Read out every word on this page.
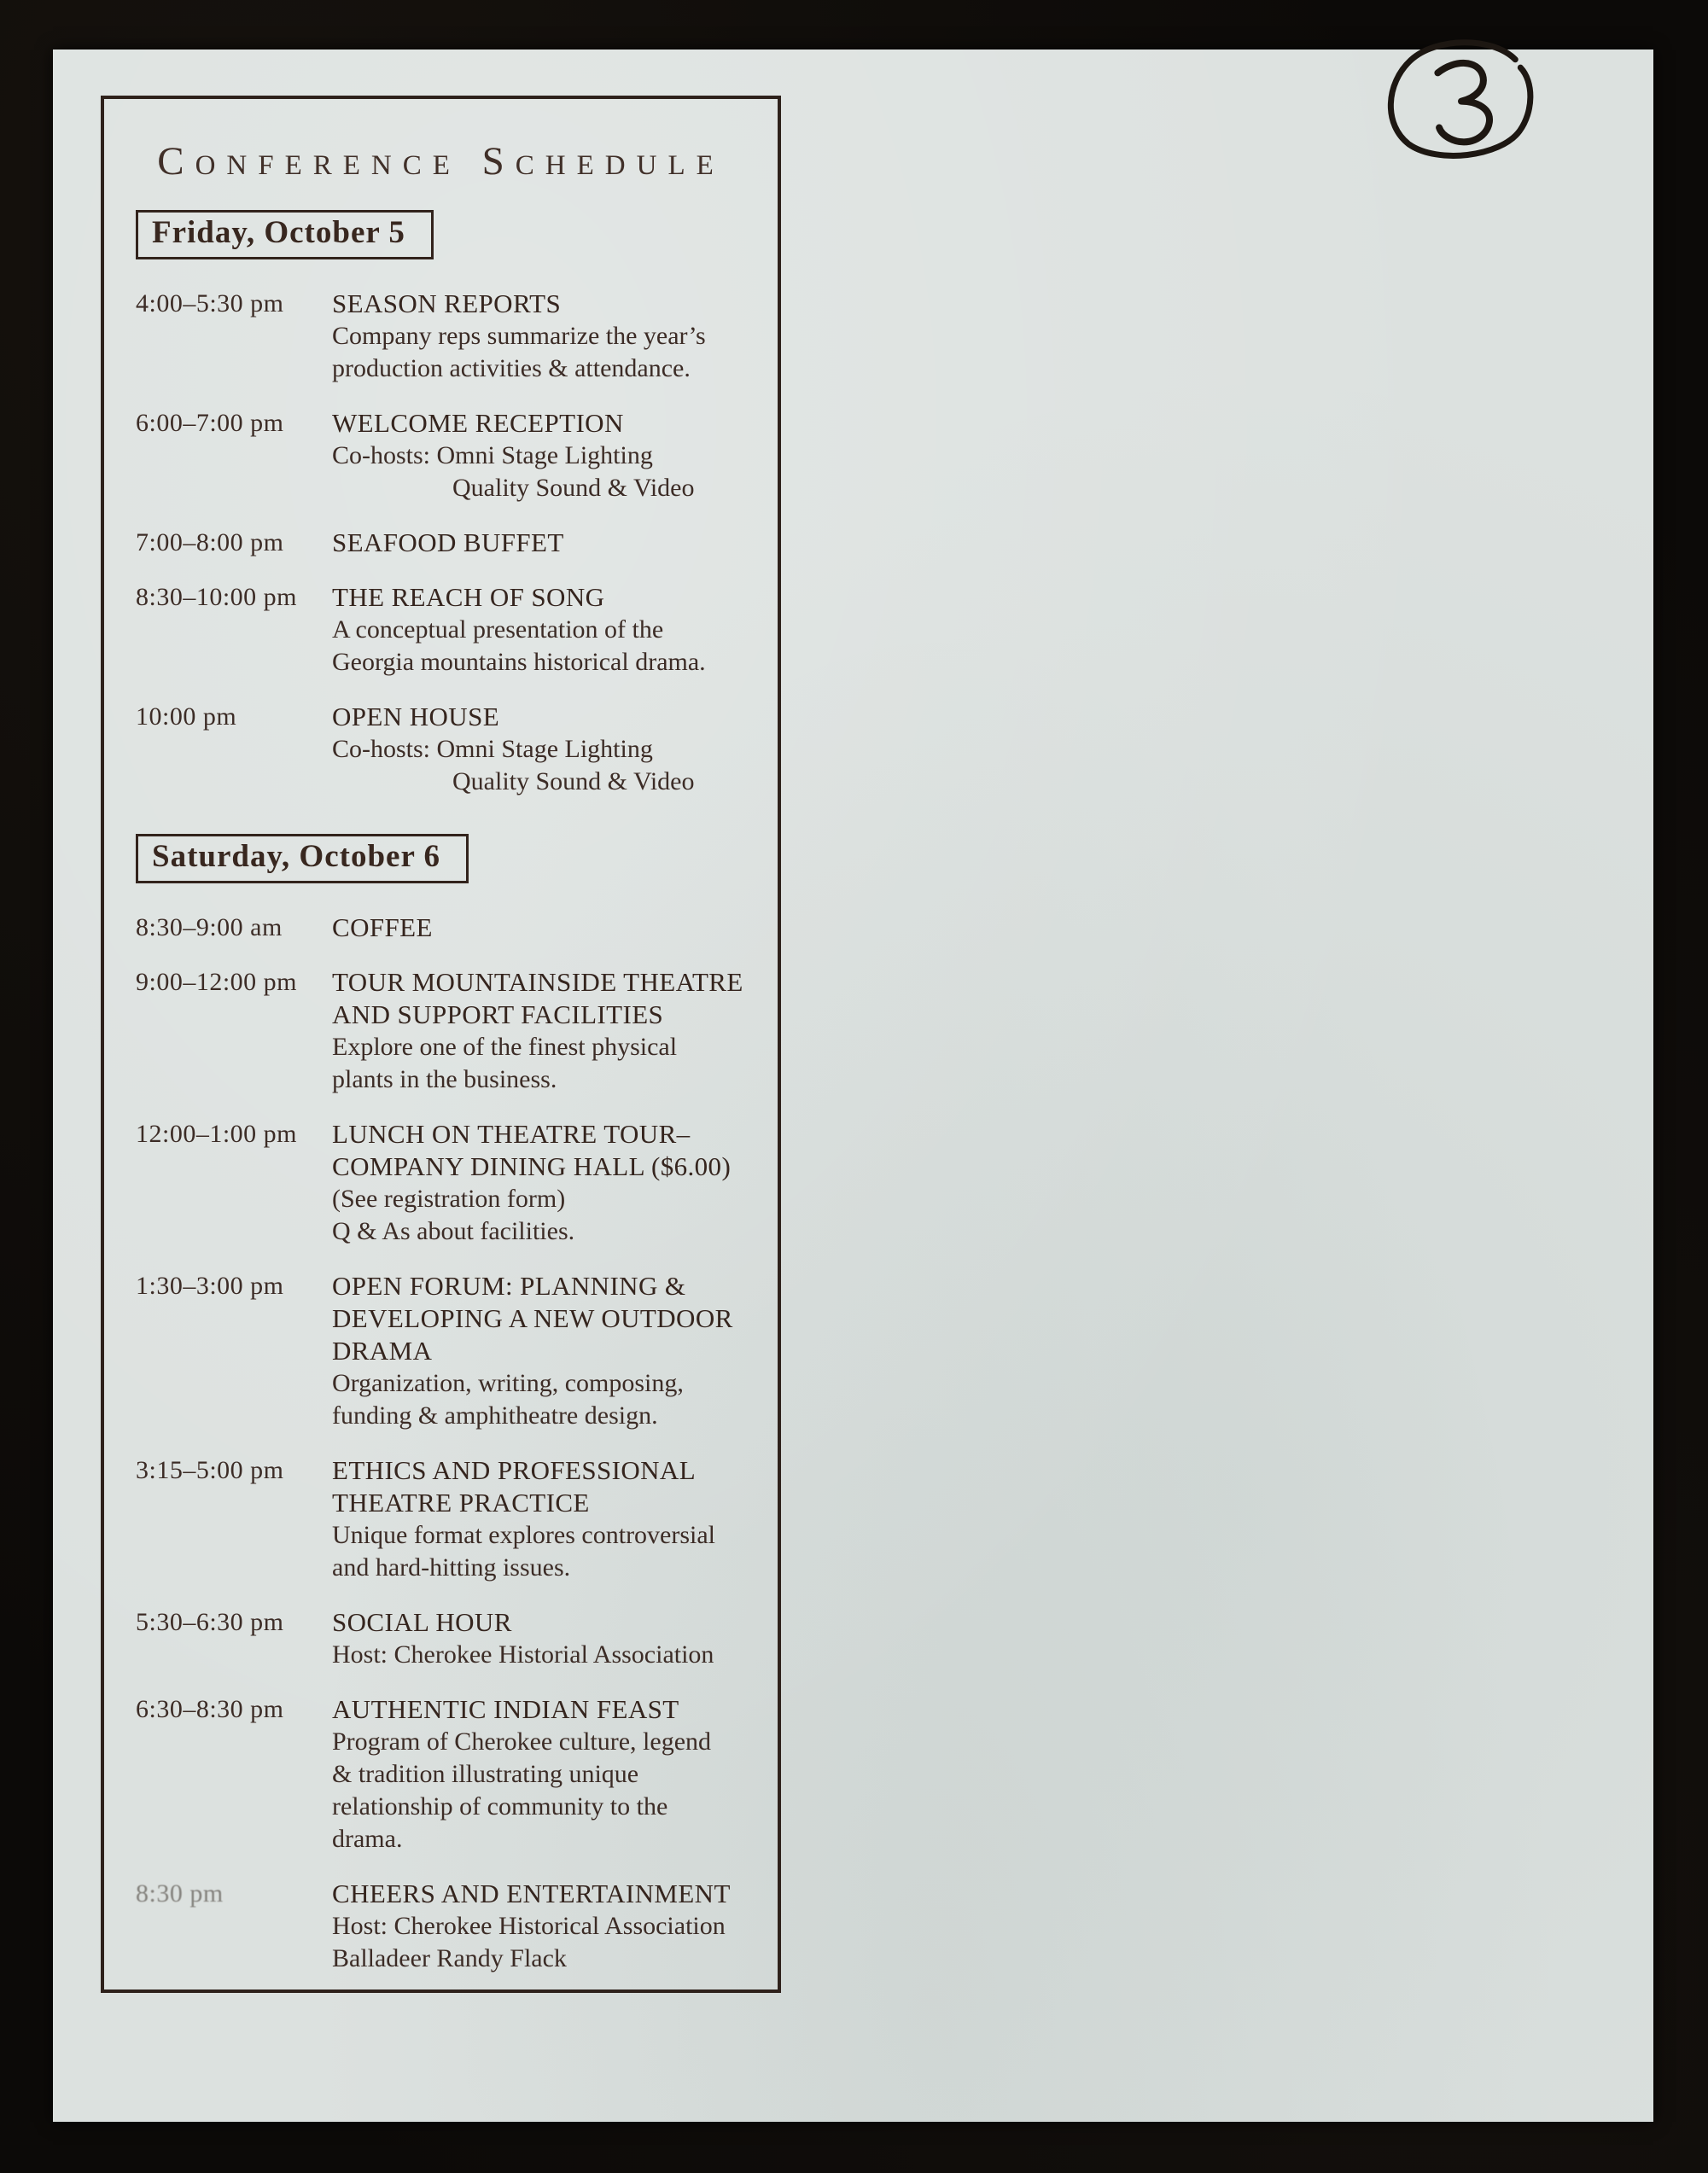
Conference Schedule
Friday, October 5
4:00–5:30 pm	SEASON REPORTS
Company reps summarize the year’s
production activities & attendance.
6:00–7:00 pm	WELCOME RECEPTION
Co-hosts: Omni Stage Lighting
Quality Sound & Video
7:00–8:00 pm	SEAFOOD BUFFET
8:30–10:00 pm	THE REACH OF SONG
A conceptual presentation of the
Georgia mountains historical drama.
10:00 pm	OPEN HOUSE
Co-hosts: Omni Stage Lighting
Quality Sound & Video
Saturday, October 6
8:30–9:00 am	COFFEE
9:00–12:00 pm	TOUR MOUNTAINSIDE THEATRE
AND SUPPORT FACILITIES
Explore one of the finest physical
plants in the business.
12:00–1:00 pm	LUNCH ON THEATRE TOUR–
COMPANY DINING HALL ($6.00)
(See registration form)
Q & As about facilities.
1:30–3:00 pm	OPEN FORUM: PLANNING &
DEVELOPING A NEW OUTDOOR
DRAMA
Organization, writing, composing,
funding & amphitheatre design.
3:15–5:00 pm	ETHICS AND PROFESSIONAL
THEATRE PRACTICE
Unique format explores controversial
and hard-hitting issues.
5:30–6:30 pm	SOCIAL HOUR
Host: Cherokee Historial Association
6:30–8:30 pm	AUTHENTIC INDIAN FEAST
Program of Cherokee culture, legend
& tradition illustrating unique
relationship of community to the
drama.
8:30 pm	CHEERS AND ENTERTAINMENT
Host: Cherokee Historical Association
Balladeer Randy Flack
